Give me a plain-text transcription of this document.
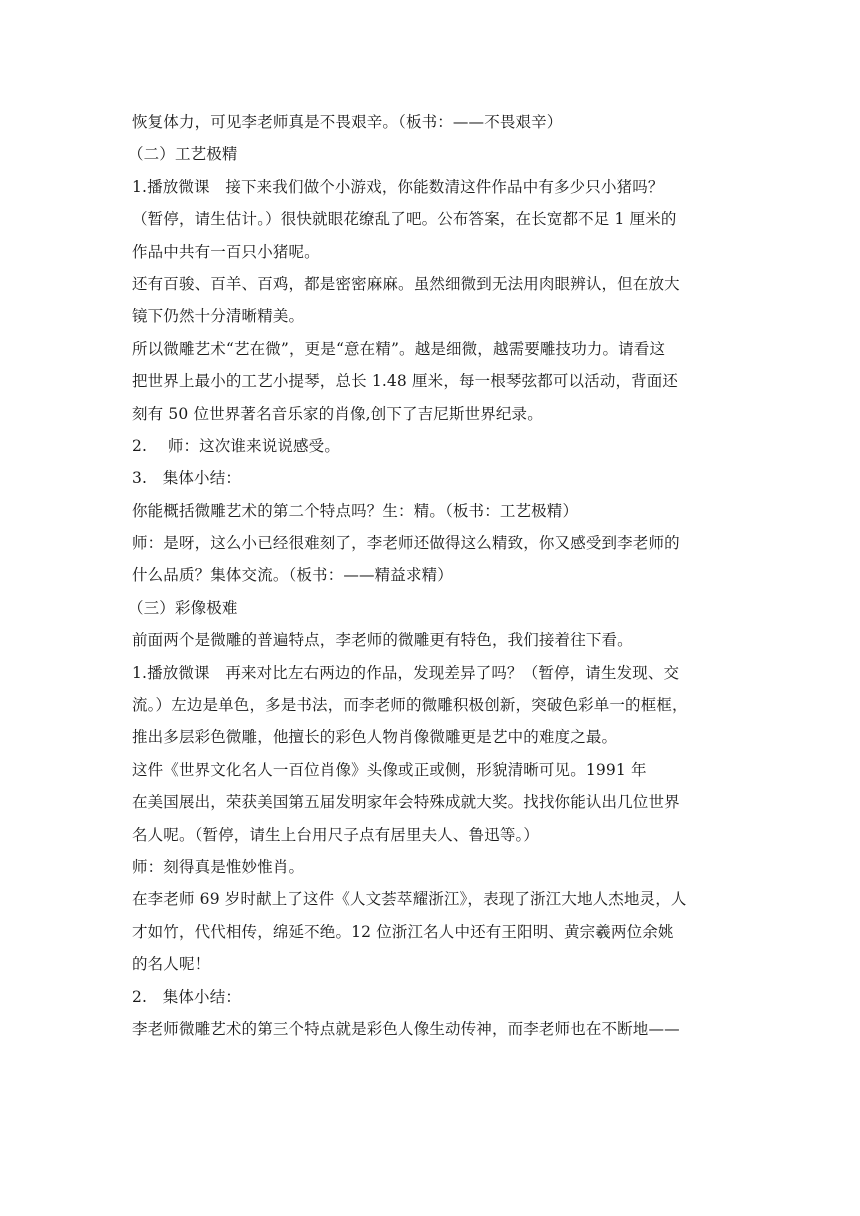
恢复体力，可见李老师真是不畏艰辛。（板书：——不畏艰辛）
（二）工艺极精
1.播放微课　接下来我们做个小游戏，你能数清这件作品中有多少只小猪吗？
（暂停，请生估计。）很快就眼花缭乱了吧。公布答案，在长宽都不足 1 厘米的
作品中共有一百只小猪呢。
还有百骏、百羊、百鸡，都是密密麻麻。虽然细微到无法用肉眼辨认，但在放大
镜下仍然十分清晰精美。
所以微雕艺术“艺在微”，更是“意在精”。越是细微，越需要雕技功力。请看这
把世界上最小的工艺小提琴，总长 1.48 厘米，每一根琴弦都可以活动，背面还
刻有 50 位世界著名音乐家的肖像,创下了吉尼斯世界纪录。
2.　 师：这次谁来说说感受。
3.　集体小结：
你能概括微雕艺术的第二个特点吗？生：精。（板书：工艺极精）
师：是呀，这么小已经很难刻了，李老师还做得这么精致，你又感受到李老师的
什么品质？集体交流。（板书：——精益求精）
（三）彩像极难
前面两个是微雕的普遍特点，李老师的微雕更有特色，我们接着往下看。
1.播放微课　再来对比左右两边的作品，发现差异了吗？（暂停，请生发现、交
流。）左边是单色，多是书法，而李老师的微雕积极创新，突破色彩单一的框框，
推出多层彩色微雕，他擅长的彩色人物肖像微雕更是艺中的难度之最。
这件《世界文化名人一百位肖像》头像或正或侧，形貌清晰可见。1991 年
在美国展出，荣获美国第五届发明家年会特殊成就大奖。找找你能认出几位世界
名人呢。（暂停，请生上台用尺子点有居里夫人、鲁迅等。）
师：刻得真是惟妙惟肖。
在李老师 69 岁时献上了这件《人文荟萃耀浙江》，表现了浙江大地人杰地灵，人
才如竹，代代相传，绵延不绝。12 位浙江名人中还有王阳明、黄宗羲两位余姚
的名人呢！
2.　集体小结：
李老师微雕艺术的第三个特点就是彩色人像生动传神，而李老师也在不断地——
